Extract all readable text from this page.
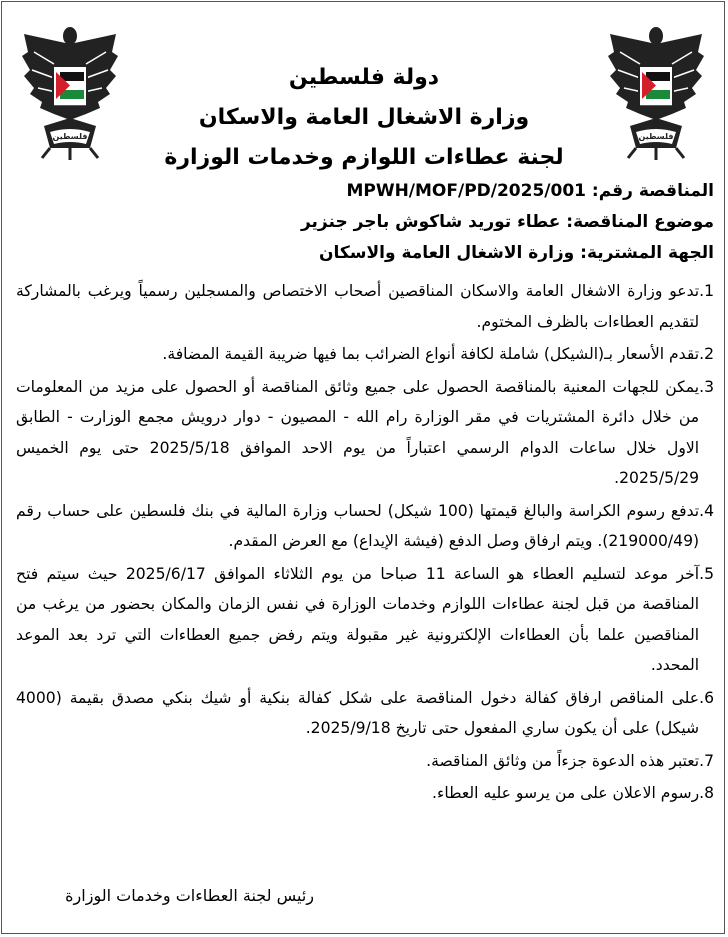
فلسطين	فلسطين
دولة فلسطين
وزارة الاشغال العامة والاسكان
لجنة عطاءات اللوازم وخدمات الوزارة
المناقصة رقم: MPWH/MOF/PD/2025/001
موضوع المناقصة: عطاء توريد شاكوش باجر جنزير
الجهة المشترية: وزارة الاشغال العامة والاسكان
1.
تدعو وزارة الاشغال العامة والاسكان المناقصين أصحاب الاختصاص والمسجلين رسمياً ويرغب بالمشاركة لتقديم العطاءات بالظرف المختوم.
2.
تقدم الأسعار بـ(الشيكل) شاملة لكافة أنواع الضرائب بما فيها ضريبة القيمة المضافة.
3.
يمكن للجهات المعنية بالمناقصة الحصول على جميع وثائق المناقصة أو الحصول على مزيد من المعلومات من خلال دائرة المشتريات في مقر الوزارة رام الله - المصيون - دوار درويش مجمع الوزارت - الطابق الاول خلال ساعات الدوام الرسمي اعتباراً من يوم الاحد الموافق 2025/5/18 حتى يوم الخميس 2025/5/29.
4.
تدفع رسوم الكراسة والبالغ قيمتها (100 شيكل) لحساب وزارة المالية في بنك فلسطين على حساب رقم (219000/49). ويتم ارفاق وصل الدفع (فيشة الإيداع) مع العرض المقدم.
5.
آخر موعد لتسليم العطاء هو الساعة 11 صباحا من يوم الثلاثاء الموافق 2025/6/17 حيث سيتم فتح المناقصة من قبل لجنة عطاءات اللوازم وخدمات الوزارة في نفس الزمان والمكان بحضور من يرغب من المناقصين علما بأن العطاءات الإلكترونية غير مقبولة ويتم رفض جميع العطاءات التي ترد بعد الموعد المحدد.
6.
على المناقص ارفاق كفالة دخول المناقصة على شكل كفالة بنكية أو شيك بنكي مصدق بقيمة (4000 شيكل) على أن يكون ساري المفعول حتى تاريخ 2025/9/18.
7.
تعتبر هذه الدعوة جزءاً من وثائق المناقصة.
8.
رسوم الاعلان على من يرسو عليه العطاء.
رئيس لجنة العطاءات وخدمات الوزارة
